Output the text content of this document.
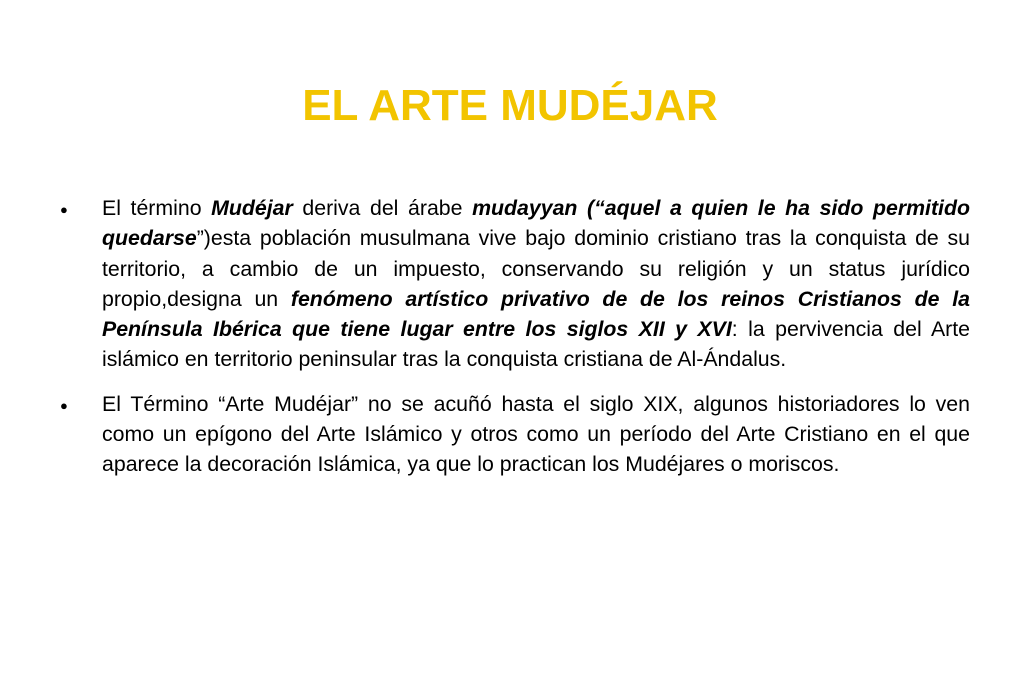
EL ARTE MUDÉJAR
● El término Mudéjar deriva del árabe mudayyan (“aquel a quien le ha sido permitido quedarse”)esta población musulmana vive bajo dominio cristiano tras la conquista de su territorio, a cambio de un impuesto, conservando su religión y un status jurídico propio,designa un fenómeno artístico privativo de de los reinos Cristianos de la Península Ibérica que tiene lugar entre los siglos XII y XVI: la pervivencia del Arte islámico en territorio peninsular tras la conquista cristiana de Al-Ándalus.
● El Término “Arte Mudéjar” no se acuñó hasta el siglo XIX, algunos historiadores lo ven como un epígono del Arte Islámico y otros como un período del Arte Cristiano en el que aparece la decoración Islámica, ya que lo practican los Mudéjares o moriscos.
